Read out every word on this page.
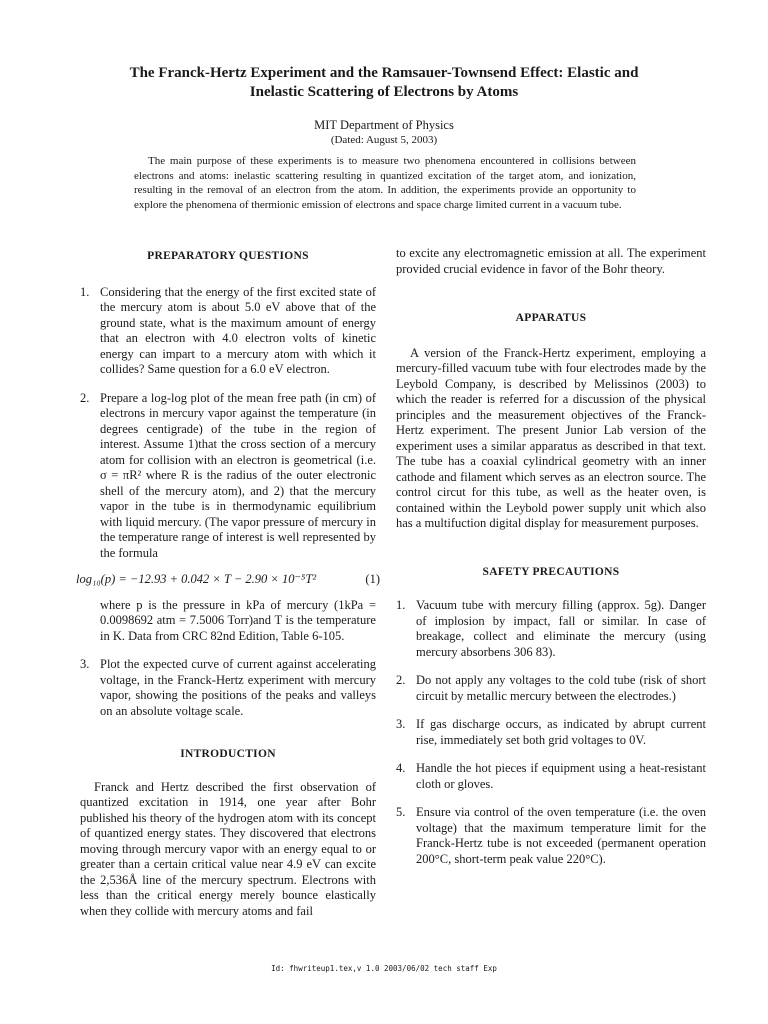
The Franck-Hertz Experiment and the Ramsauer-Townsend Effect: Elastic and
Inelastic Scattering of Electrons by Atoms
MIT Department of Physics
(Dated: August 5, 2003)
The main purpose of these experiments is to measure two phenomena encountered in collisions between electrons and atoms: inelastic scattering resulting in quantized excitation of the target atom, and ionization, resulting in the removal of an electron from the atom. In addition, the experiments provide an opportunity to explore the phenomena of thermionic emission of electrons and space charge limited current in a vacuum tube.
PREPARATORY QUESTIONS
1. Considering that the energy of the first excited state of the mercury atom is about 5.0 eV above that of the ground state, what is the maximum amount of energy that an electron with 4.0 electron volts of kinetic energy can impart to a mercury atom with which it collides? Same question for a 6.0 eV electron.
2. Prepare a log-log plot of the mean free path (in cm) of electrons in mercury vapor against the temperature (in degrees centigrade) of the tube in the region of interest. Assume 1)that the cross section of a mercury atom for collision with an electron is geometrical (i.e. σ = πR² where R is the radius of the outer electronic shell of the mercury atom), and 2) that the mercury vapor in the tube is in thermodynamic equilibrium with liquid mercury. (The vapor pressure of mercury in the temperature range of interest is well represented by the formula
log₁₀(p) = −12.93 + 0.042 × T − 2.90 × 10⁻⁵T²	(1)
where p is the pressure in kPa of mercury (1kPa = 0.0098692 atm = 7.5006 Torr)and T is the temperature in K. Data from CRC 82nd Edition, Table 6-105.
3. Plot the expected curve of current against accelerating voltage, in the Franck-Hertz experiment with mercury vapor, showing the positions of the peaks and valleys on an absolute voltage scale.
INTRODUCTION

Franck and Hertz described the first observation of quantized excitation in 1914, one year after Bohr published his theory of the hydrogen atom with its concept of quantized energy states. They discovered that electrons moving through mercury vapor with an energy equal to or greater than a certain critical value near 4.9 eV can excite the 2,536Å line of the mercury spectrum. Electrons with less than the critical energy merely bounce elastically when they collide with mercury atoms and fail

to excite any electromagnetic emission at all. The experiment provided crucial evidence in favor of the Bohr theory.

APPARATUS

A version of the Franck-Hertz experiment, employing a mercury-filled vacuum tube with four electrodes made by the Leybold Company, is described by Melissinos (2003) to which the reader is referred for a discussion of the physical principles and the measurement objectives of the Franck-Hertz experiment. The present Junior Lab version of the experiment uses a similar apparatus as described in that text. The tube has a coaxial cylindrical geometry with an inner cathode and filament which serves as an electron source. The control circut for this tube, as well as the heater oven, is contained within the Leybold power supply unit which also has a multifuction digital display for measurement purposes.

SAFETY PRECAUTIONS
1. Vacuum tube with mercury filling (approx. 5g). Danger of implosion by impact, fall or similar. In case of breakage, collect and eliminate the mercury (using mercury absorbens 306 83).
2. Do not apply any voltages to the cold tube (risk of short circuit by metallic mercury between the electrodes.)
3. If gas discharge occurs, as indicated by abrupt current rise, immediately set both grid voltages to 0V.
4. Handle the hot pieces if equipment using a heat-resistant cloth or gloves.
5. Ensure via control of the oven temperature (i.e. the oven voltage) that the maximum temperature limit for the Franck-Hertz tube is not exceeded (permanent operation 200°C, short-term peak value 220°C).
Id: fhwriteup1.tex,v 1.0 2003/06/02 tech staff Exp
